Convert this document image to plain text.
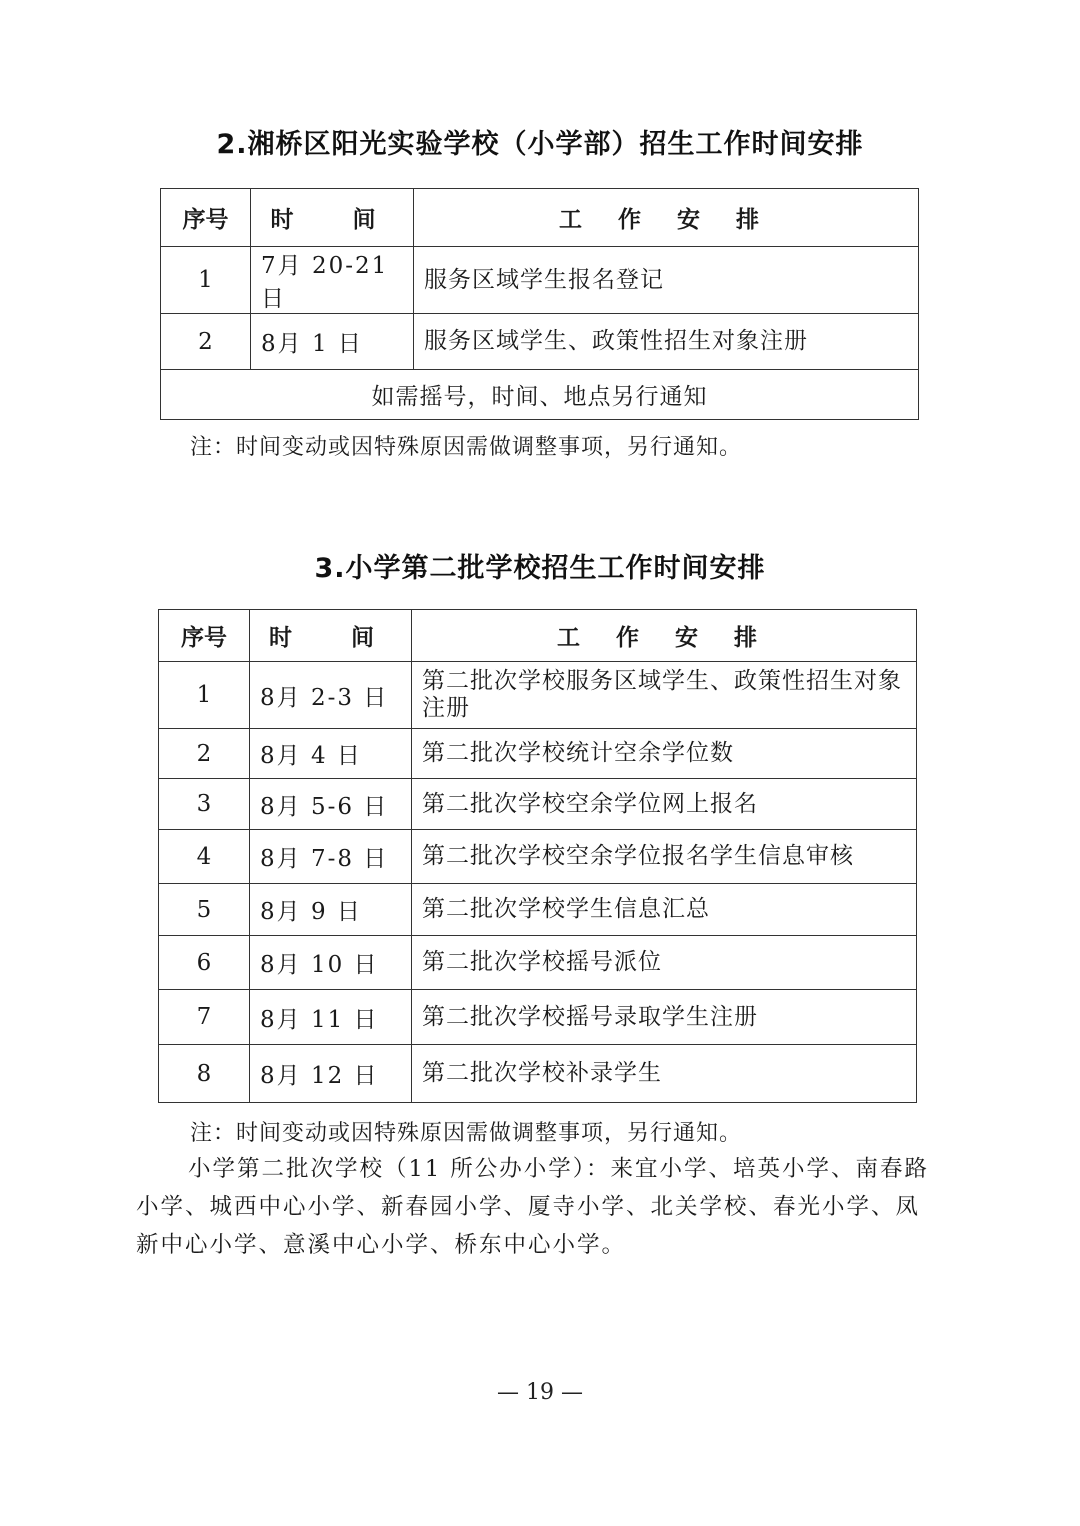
2.湘桥区阳光实验学校（小学部）招生工作时间安排
序号	时　间	工 作 安 排
1	7月 20-21 日	服务区域学生报名登记
2	8月 1 日	服务区域学生、政策性招生对象注册
如需摇号，时间、地点另行通知		
注：时间变动或因特殊原因需做调整事项，另行通知。
3.小学第二批学校招生工作时间安排
序号	时　间	工 作 安 排
1	8月 2-3 日	第二批次学校服务区域学生、政策性招生对象注册
2	8月 4 日	第二批次学校统计空余学位数
3	8月 5-6 日	第二批次学校空余学位网上报名
4	8月 7-8 日	第二批次学校空余学位报名学生信息审核
5	8月 9 日	第二批次学校学生信息汇总
6	8月 10 日	第二批次学校摇号派位
7	8月 11 日	第二批次学校摇号录取学生注册
8	8月 12 日	第二批次学校补录学生
注：时间变动或因特殊原因需做调整事项，另行通知。
小学第二批次学校（11 所公办小学）：来宜小学、培英小学、南春路小学、城西中心小学、新春园小学、厦寺小学、北关学校、春光小学、凤新中心小学、意溪中心小学、桥东中心小学。
— 19 —
